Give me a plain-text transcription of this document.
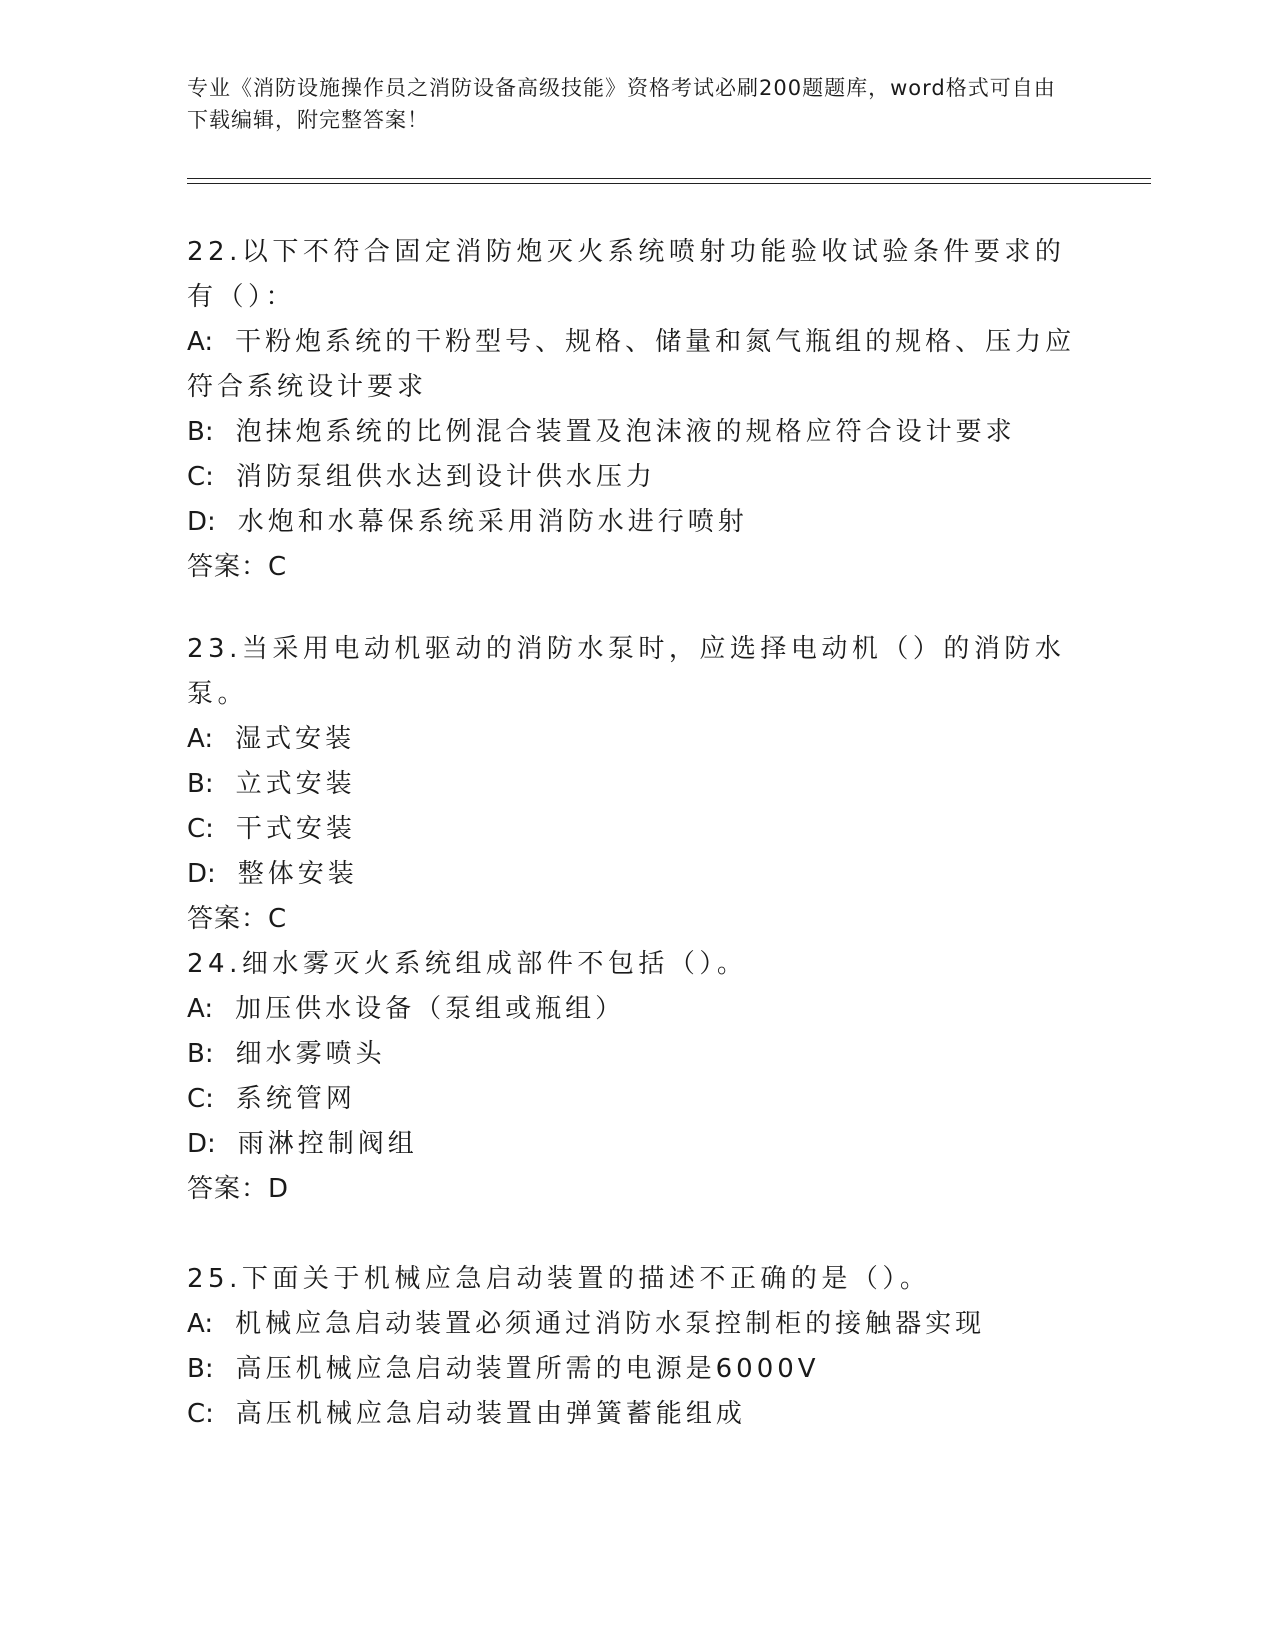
专业《消防设施操作员之消防设备高级技能》资格考试必刷200题题库，word格式可自由下载编辑，附完整答案！

22.以下不符合固定消防炮灭火系统喷射功能验收试验条件要求的有（）：

A: 干粉炮系统的干粉型号、规格、储量和氮气瓶组的规格、压力应符合系统设计要求

B: 泡抹炮系统的比例混合装置及泡沫液的规格应符合设计要求

C: 消防泵组供水达到设计供水压力

D: 水炮和水幕保系统采用消防水进行喷射

答案：C

23.当采用电动机驱动的消防水泵时，应选择电动机（）的消防水泵。

A: 湿式安装

B: 立式安装

C: 干式安装

D: 整体安装

答案：C

24.细水雾灭火系统组成部件不包括（）。

A: 加压供水设备（泵组或瓶组）

B: 细水雾喷头

C: 系统管网

D: 雨淋控制阀组

答案：D

25.下面关于机械应急启动装置的描述不正确的是（）。

A: 机械应急启动装置必须通过消防水泵控制柜的接触器实现

B: 高压机械应急启动装置所需的电源是6000V

C: 高压机械应急启动装置由弹簧蓄能组成
